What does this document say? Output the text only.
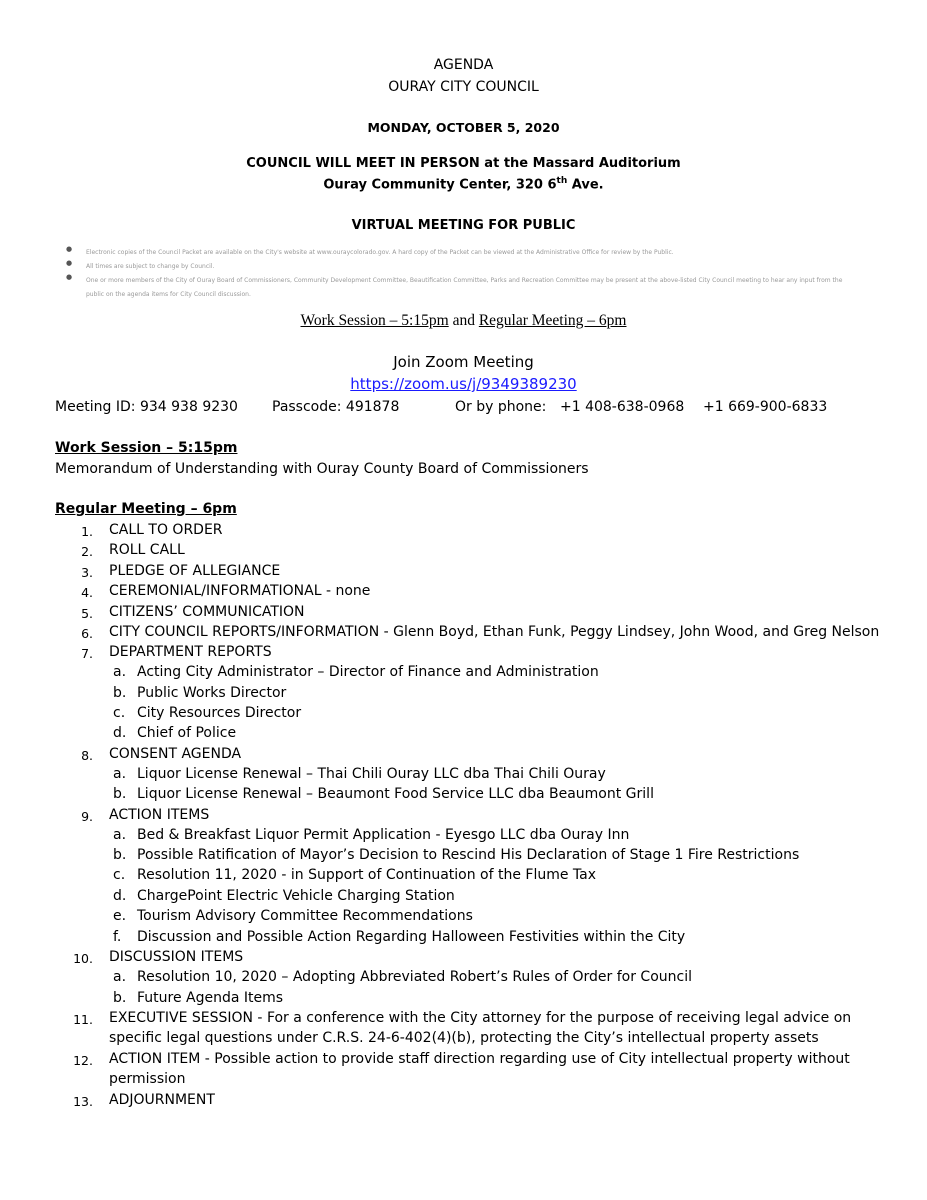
AGENDA
OURAY CITY COUNCIL
MONDAY, OCTOBER 5, 2020
COUNCIL WILL MEET IN PERSON at the Massard Auditorium
Ouray Community Center, 320 6th Ave.
VIRTUAL MEETING FOR PUBLIC
● Electronic copies of the Council Packet are available on the City's website at www.ouraycolorado.gov. A hard copy of the Packet can be viewed at the Administrative Office for review by the Public.
● All times are subject to change by Council.
● One or more members of the City of Ouray Board of Commissioners, Community Development Committee, Beautification Committee, Parks and Recreation Committee may be present at the above-listed City Council meeting to hear any input from the public on the agenda items for City Council discussion.
Work Session – 5:15pm and Regular Meeting – 6pm
Join Zoom Meeting
https://zoom.us/j/9349389230
Meeting ID: 934 938 9230 Passcode: 491878	Or by phone: +1 408-638-0968 +1 669-900-6833
Work Session – 5:15pm
Memorandum of Understanding with Ouray County Board of Commissioners
Regular Meeting – 6pm
1. CALL TO ORDER
2. ROLL CALL
3. PLEDGE OF ALLEGIANCE
4. CEREMONIAL/INFORMATIONAL - none
5. CITIZENS’ COMMUNICATION
6. CITY COUNCIL REPORTS/INFORMATION - Glenn Boyd, Ethan Funk, Peggy Lindsey, John Wood, and Greg Nelson
7. DEPARTMENT REPORTS
a. Acting City Administrator – Director of Finance and Administration
b. Public Works Director
c. City Resources Director
d. Chief of Police
8. CONSENT AGENDA
a. Liquor License Renewal – Thai Chili Ouray LLC dba Thai Chili Ouray
b. Liquor License Renewal – Beaumont Food Service LLC dba Beaumont Grill
9. ACTION ITEMS
a. Bed & Breakfast Liquor Permit Application - Eyesgo LLC dba Ouray Inn
b. Possible Ratification of Mayor’s Decision to Rescind His Declaration of Stage 1 Fire Restrictions
c. Resolution 11, 2020 - in Support of Continuation of the Flume Tax
d. ChargePoint Electric Vehicle Charging Station
e. Tourism Advisory Committee Recommendations
f. Discussion and Possible Action Regarding Halloween Festivities within the City
10. DISCUSSION ITEMS
a. Resolution 10, 2020 – Adopting Abbreviated Robert’s Rules of Order for Council
b. Future Agenda Items
11. EXECUTIVE SESSION - For a conference with the City attorney for the purpose of receiving legal advice on
specific legal questions under C.R.S. 24-6-402(4)(b), protecting the City’s intellectual property assets
12. ACTION ITEM - Possible action to provide staff direction regarding use of City intellectual property without
permission
13. ADJOURNMENT
